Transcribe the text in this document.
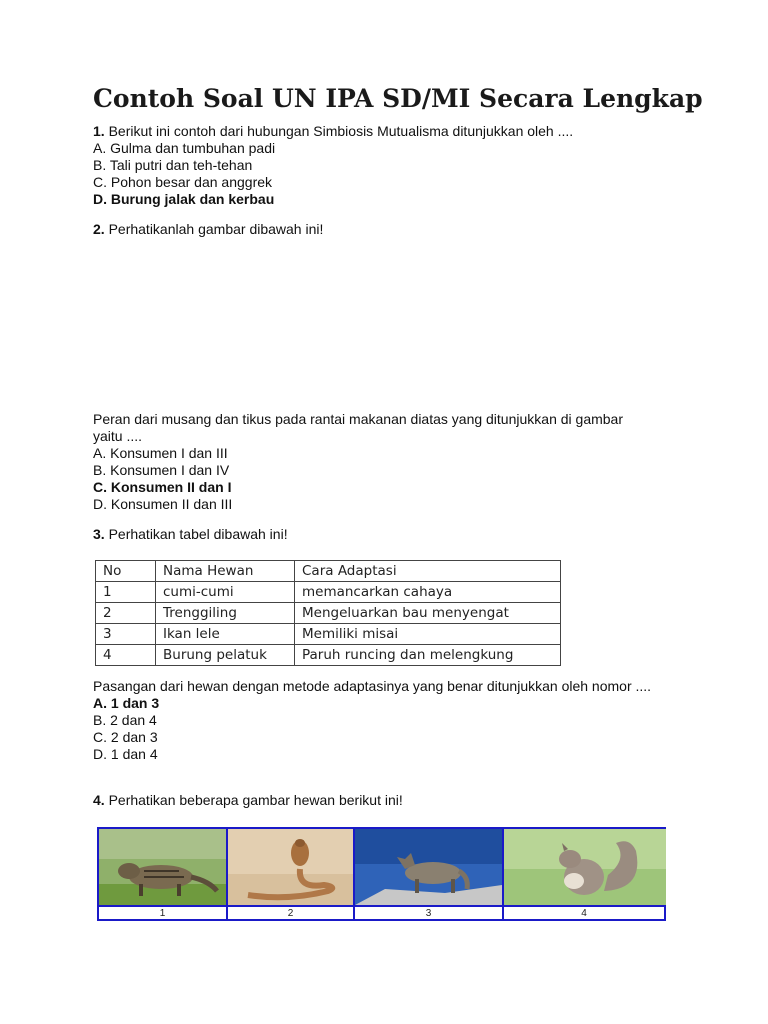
Contoh Soal UN IPA SD/MI Secara Lengkap
1. Berikut ini contoh dari hubungan Simbiosis Mutualisma ditunjukkan oleh ....
A. Gulma dan tumbuhan padi
B. Tali putri dan teh-tehan
C. Pohon besar dan anggrek
D. Burung jalak dan kerbau
2. Perhatikanlah gambar dibawah ini!
Peran dari musang dan tikus pada rantai makanan diatas yang ditunjukkan di gambar yaitu ....
A. Konsumen I dan III
B. Konsumen I dan IV
C. Konsumen II dan I
D. Konsumen II dan III
3. Perhatikan tabel dibawah ini!
No	Nama Hewan	Cara Adaptasi
1	cumi-cumi	memancarkan cahaya
2	Trenggiling	Mengeluarkan bau menyengat
3	Ikan lele	Memiliki misai
4	Burung pelatuk	Paruh runcing dan melengkung
Pasangan dari hewan dengan metode adaptasinya yang benar ditunjukkan oleh nomor ....
A. 1 dan 3
B. 2 dan 4
C. 2 dan 3
D. 1 dan 4
4. Perhatikan beberapa gambar hewan berikut ini!
1	2	3	4
